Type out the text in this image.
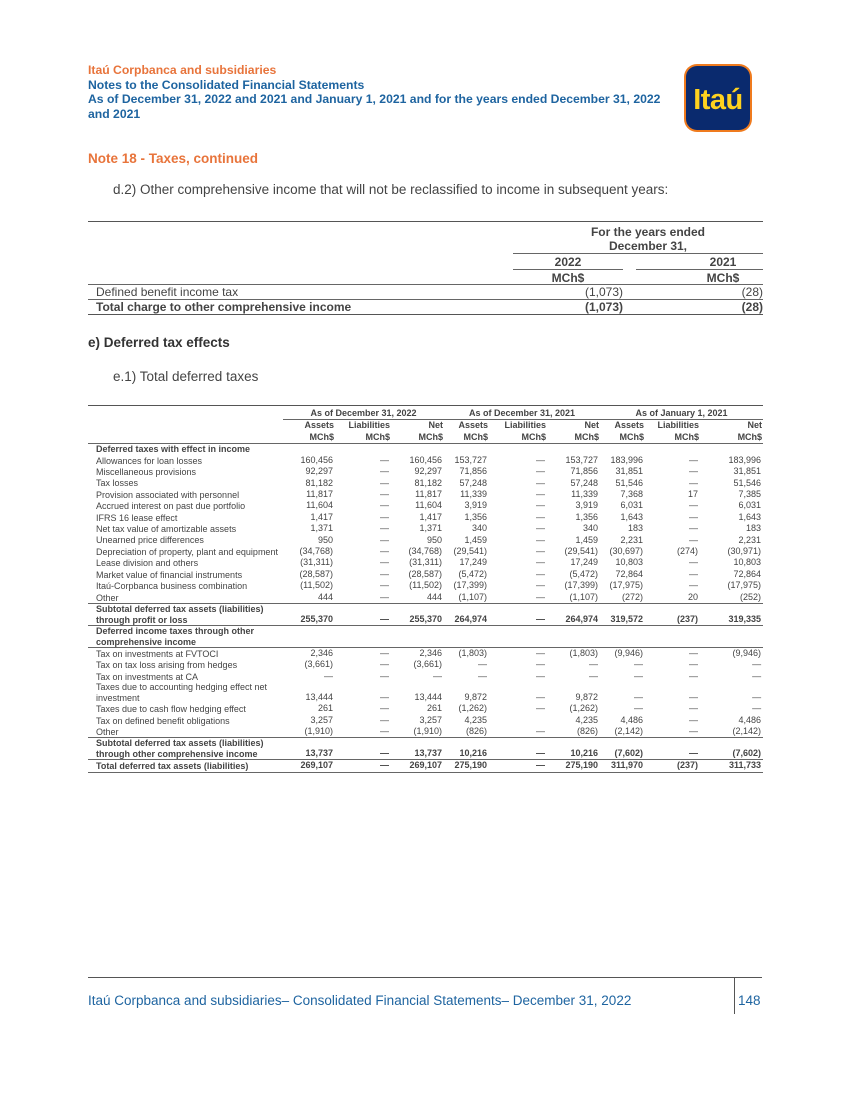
Itaú Corpbanca and subsidiaries
Notes to the Consolidated Financial Statements
As of December 31, 2022 and 2021 and January 1, 2021 and for the years ended December 31, 2022
and 2021	Itaú
Note 18 - Taxes, continued
d.2) Other comprehensive income that will not be reclassified to income in subsequent years:
For the years ended
December 31,
2022	2021
MCh$	MCh$
Defined benefit income tax	(1,073)	(28)
Total charge to other comprehensive income	(1,073)	(28)
e) Deferred tax effects
e.1) Total deferred taxes
	As of December 31, 2022			As of December 31, 2021			As of January 1, 2021		
	Assets	Liabilities	Net	Assets	Liabilities	Net	Assets	Liabilities	Net
	MCh$	MCh$	MCh$	MCh$	MCh$	MCh$	MCh$	MCh$	MCh$
Deferred taxes with effect in income									
Allowances for loan losses	160,456	—	160,456	153,727	—	153,727	183,996	—	183,996
Miscellaneous provisions	92,297	—	92,297	71,856	—	71,856	31,851	—	31,851
Tax losses	81,182	—	81,182	57,248	—	57,248	51,546	—	51,546
Provision associated with personnel	11,817	—	11,817	11,339	—	11,339	7,368	17	7,385
Accrued interest on past due portfolio	11,604	—	11,604	3,919	—	3,919	6,031	—	6,031
IFRS 16 lease effect	1,417	—	1,417	1,356	—	1,356	1,643	—	1,643
Net tax value of amortizable assets	1,371	—	1,371	340	—	340	183	—	183
Unearned price differences	950	—	950	1,459	—	1,459	2,231	—	2,231
Depreciation of property, plant and equipment	(34,768)	—	(34,768)	(29,541)	—	(29,541)	(30,697)	(274)	(30,971)
Lease division and others	(31,311)	—	(31,311)	17,249	—	17,249	10,803	—	10,803
Market value of financial instruments	(28,587)	—	(28,587)	(5,472)	—	(5,472)	72,864	—	72,864
Itaú-Corpbanca business combination	(11,502)	—	(11,502)	(17,399)	—	(17,399)	(17,975)	—	(17,975)
Other	444	—	444	(1,107)	—	(1,107)	(272)	20	(252)
Subtotal deferred tax assets (liabilities) through profit or loss	255,370	—	255,370	264,974	—	264,974	319,572	(237)	319,335
Deferred income taxes through other comprehensive income									
Tax on investments at FVTOCI	2,346	—	2,346	(1,803)	—	(1,803)	(9,946)	—	(9,946)
Tax on tax loss arising from hedges	(3,661)	—	(3,661)	—	—	—	—	—	—
Tax on investments at CA	—	—	—	—	—	—	—	—	—
Taxes due to accounting hedging effect net investment	13,444	—	13,444	9,872	—	9,872	—	—	—
Taxes due to cash flow hedging effect	261	—	261	(1,262)	—	(1,262)	—	—	—
Tax on defined benefit obligations	3,257	—	3,257	4,235		4,235	4,486	—	4,486
Other	(1,910)	—	(1,910)	(826)	—	(826)	(2,142)	—	(2,142)
Subtotal deferred tax assets (liabilities) through other comprehensive income	13,737	—	13,737	10,216	—	10,216	(7,602)	—	(7,602)
Total deferred tax assets (liabilities)	269,107	—	269,107	275,190	—	275,190	311,970	(237)	311,733
Itaú Corpbanca and subsidiaries– Consolidated Financial Statements– December 31, 2022	148
